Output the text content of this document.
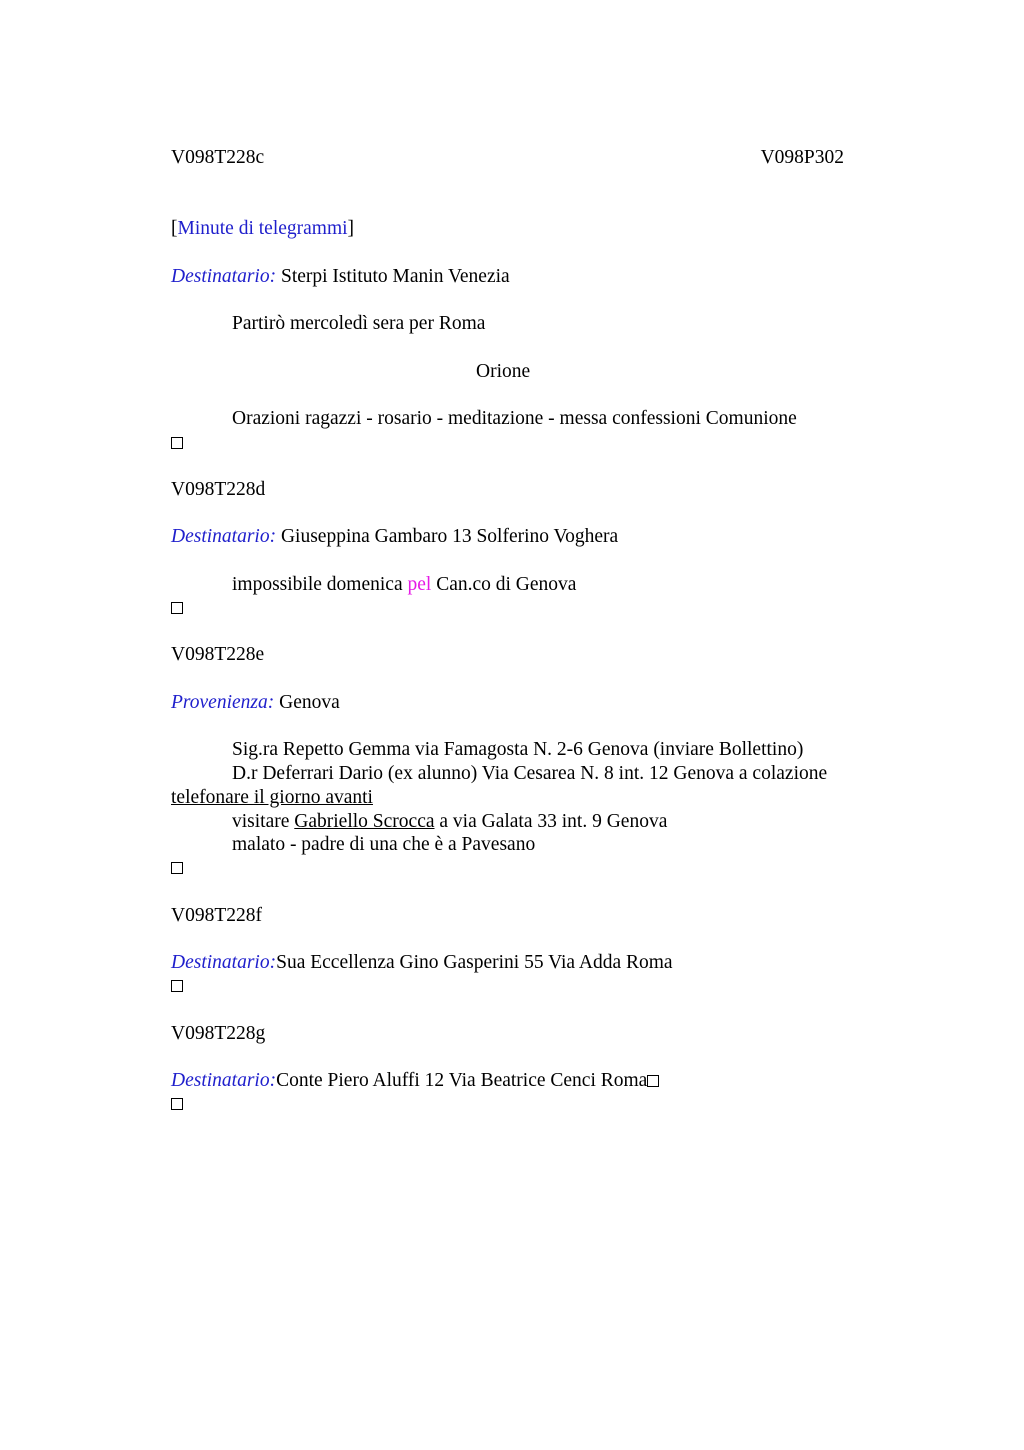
V098T228c	V098P302
[Minute di telegrammi]
Destinatario: Sterpi Istituto Manin Venezia
Partirò mercoledì sera per Roma
Orione
Orazioni ragazzi - rosario - meditazione - messa confessioni Comunione
V098T228d
Destinatario: Giuseppina Gambaro 13 Solferino Voghera
impossibile domenica pel Can.co di Genova
V098T228e
Provenienza: Genova
Sig.ra Repetto Gemma via Famagosta N. 2-6 Genova (inviare Bollettino)
D.r Deferrari Dario (ex alunno) Via Cesarea N. 8 int. 12 Genova a colazione
telefonare il giorno avanti
visitare Gabriello Scrocca a via Galata 33 int. 9 Genova
malato - padre di una che è a Pavesano
V098T228f
Destinatario:Sua Eccellenza Gino Gasperini 55 Via Adda Roma
V098T228g
Destinatario:Conte Piero Aluffi 12 Via Beatrice Cenci Roma
